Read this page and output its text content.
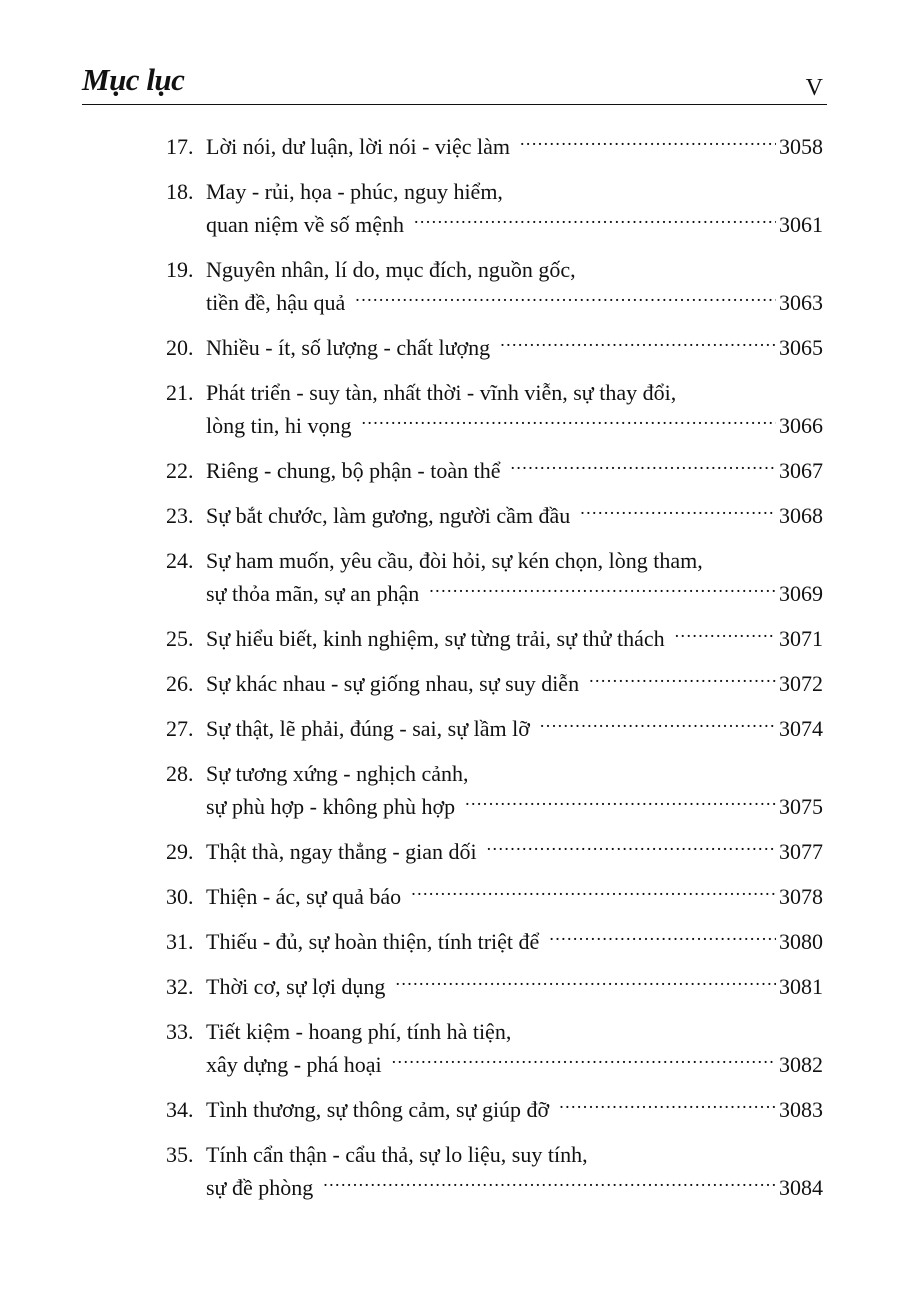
Mục lục	V
17. Lời nói, dư luận, lời nói - việc làm .....	3058
18. May - rủi, họa - phúc, nguy hiểm,
quan niệm về số mệnh .....	3061
19. Nguyên nhân, lí do, mục đích, nguồn gốc,
tiền đề, hậu quả .....	3063
20. Nhiều - ít, số lượng - chất lượng .....	3065
21. Phát triển - suy tàn, nhất thời - vĩnh viễn, sự thay đổi,
lòng tin, hi vọng .....	3066
22. Riêng - chung, bộ phận - toàn thể .....	3067
23. Sự bắt chước, làm gương, người cầm đầu .....	3068
24. Sự ham muốn, yêu cầu, đòi hỏi, sự kén chọn, lòng tham,
sự thỏa mãn, sự an phận .....	3069
25. Sự hiểu biết, kinh nghiệm, sự từng trải, sự thử thách .....	3071
26. Sự khác nhau - sự giống nhau, sự suy diễn .....	3072
27. Sự thật, lẽ phải, đúng - sai, sự lầm lỡ .....	3074
28. Sự tương xứng - nghịch cảnh,
sự phù hợp - không phù hợp .....	3075
29. Thật thà, ngay thẳng - gian dối .....	3077
30. Thiện - ác, sự quả báo .....	3078
31. Thiếu - đủ, sự hoàn thiện, tính triệt để .....	3080
32. Thời cơ, sự lợi dụng .....	3081
33. Tiết kiệm - hoang phí, tính hà tiện,
xây dựng - phá hoại .....	3082
34. Tình thương, sự thông cảm, sự giúp đỡ .....	3083
35. Tính cẩn thận - cẩu thả, sự lo liệu, suy tính,
sự đề phòng .....	3084
